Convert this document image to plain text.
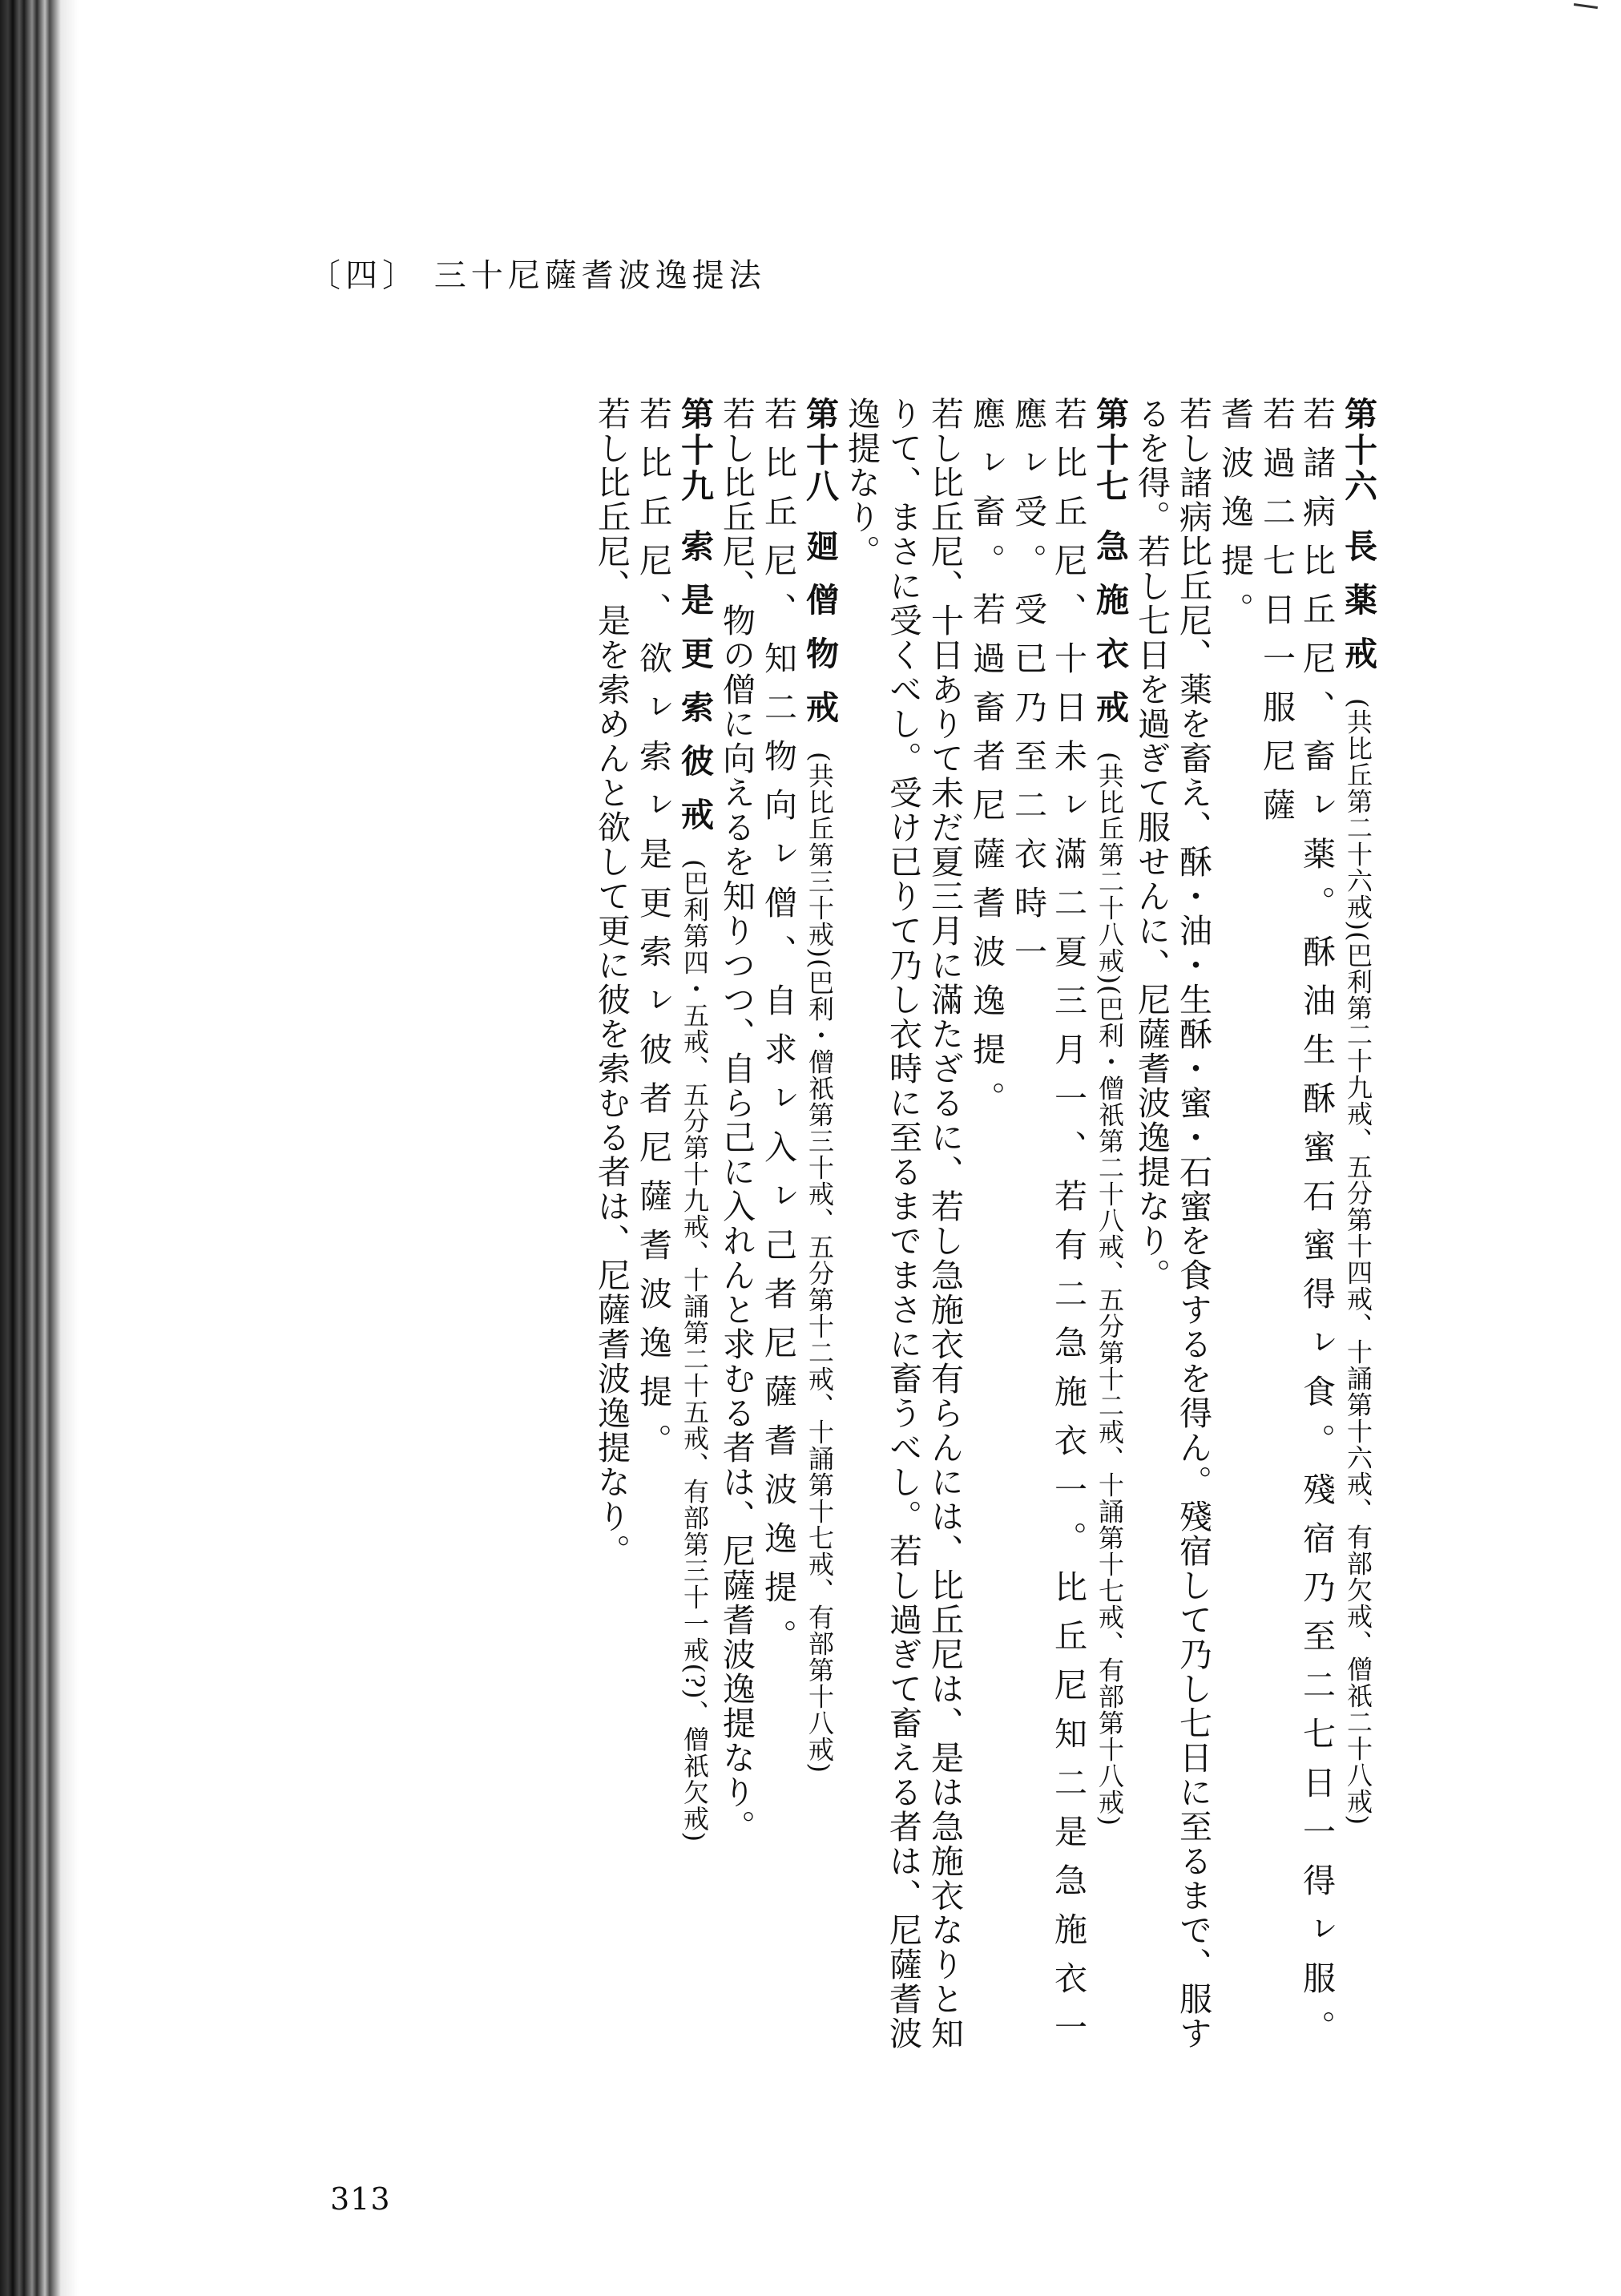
〔四〕 三十尼薩耆波逸提法
第十六長薬戒(共比丘第二十六戒)(巴利第二十九戒、五分第十四戒、十誦第十六戒、有部欠戒、僧祇二十八戒)
若諸病比丘尼、畜ㇾ薬。酥油生酥蜜石蜜得ㇾ食。殘宿乃至二七日一得ㇾ服。若過二七日一服尼薩
耆波逸提。
若し諸病比丘尼、薬を畜え、酥・油・生酥・蜜・石蜜を食するを得ん。殘宿して乃し七日に至るまで、服す
るを得。若し七日を過ぎて服せんに、尼薩耆波逸提なり。
第十七急施衣戒(共比丘第二十八戒)(巴利・僧祇第二十八戒、五分第十二戒、十誦第十七戒、有部第十八戒)
若比丘尼、十日未ㇾ滿二夏三月一、若有二急施衣一。比丘尼知二是急施衣一應ㇾ受。受已乃至二衣時一
應ㇾ畜。若過畜者尼薩耆波逸提。
若し比丘尼、十日ありて未だ夏三月に滿たざるに、若し急施衣有らんには、比丘尼は、是は急施衣なりと知
りて、まさに受くべし。受け已りて乃し衣時に至るまでまさに畜うべし。若し過ぎて畜える者は、尼薩耆波
逸提なり。
第十八廻僧物戒(共比丘第三十戒)(巴利・僧祇第三十戒、五分第十二戒、十誦第十七戒、有部第十八戒)
若比丘尼、知二物向ㇾ僧、自求ㇾ入ㇾ己者尼薩耆波逸提。
若し比丘尼、物の僧に向えるを知りつつ、自ら己に入れんと求むる者は、尼薩耆波逸提なり。
第十九索是更索彼戒(巴利第四・五戒、五分第十九戒、十誦第二十五戒、有部第三十一戒(?)、僧祇欠戒)
若比丘尼、欲ㇾ索ㇾ是更索ㇾ彼者尼薩耆波逸提。
若し比丘尼、是を索めんと欲して更に彼を索むる者は、尼薩耆波逸提なり。
313
